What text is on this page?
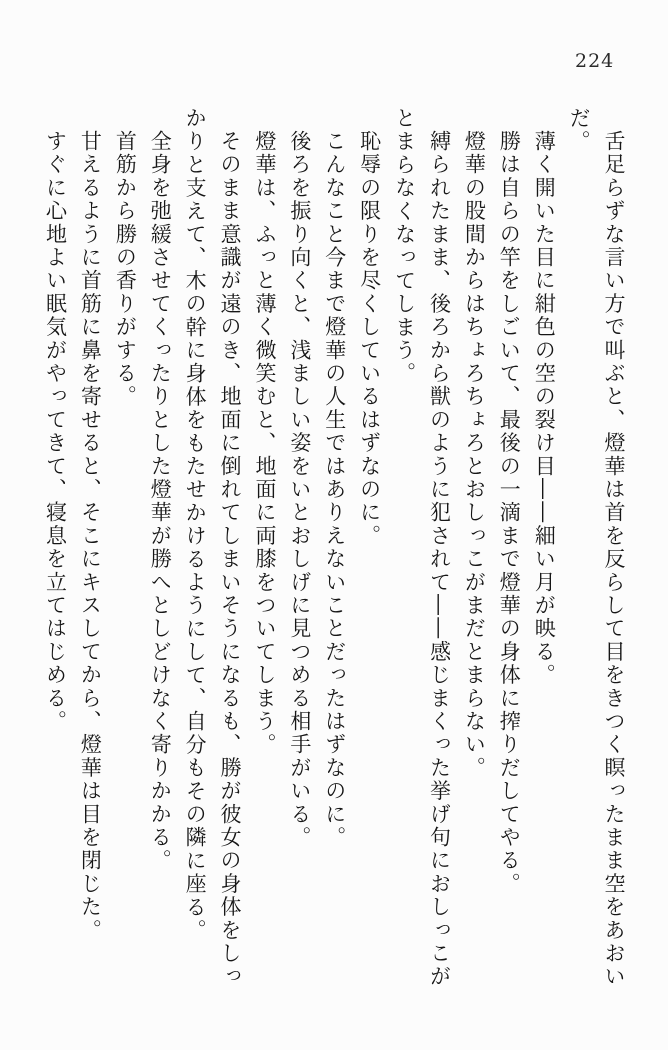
224

舌足らずな言い方で叫ぶと、燈華は首を反らして目をきつく瞑ったまま空をあおいだ。

薄く開いた目に紺色の空の裂け目――細い月が映る。

勝は自らの竿をしごいて、最後の一滴まで燈華の身体に搾りだしてやる。

燈華の股間からはちょろちょろとおしっこがまだとまらない。

縛られたまま、後ろから獣のように犯されて――感じまくった挙げ句におしっこがとまらなくなってしまう。

恥辱の限りを尽くしているはずなのに。

こんなこと今まで燈華の人生ではありえないことだったはずなのに。

後ろを振り向くと、浅ましい姿をいとおしげに見つめる相手がいる。

燈華は、ふっと薄く微笑むと、地面に両膝をついてしまう。

そのまま意識が遠のき、地面に倒れてしまいそうになるも、勝が彼女の身体をしっかりと支えて、木の幹に身体をもたせかけるようにして、自分もその隣に座る。

全身を弛緩させてくったりとした燈華が勝へとしどけなく寄りかかる。

首筋から勝の香りがする。

甘えるように首筋に鼻を寄せると、そこにキスしてから、燈華は目を閉じた。

すぐに心地よい眠気がやってきて、寝息を立てはじめる。
